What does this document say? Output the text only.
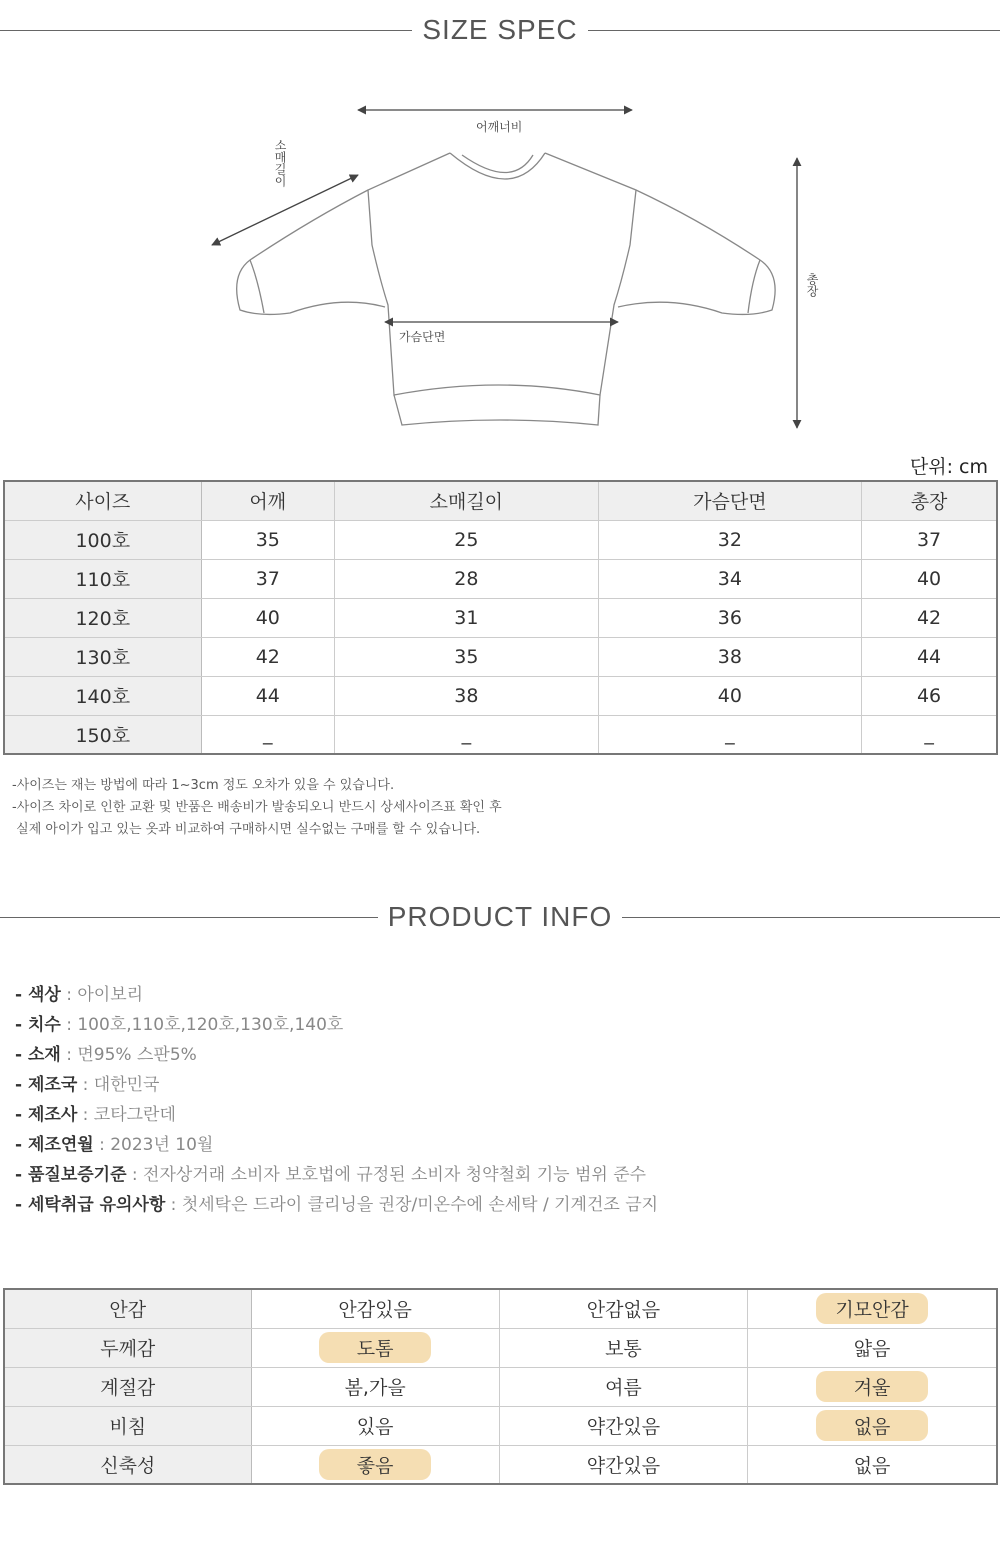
SIZE SPEC
어깨너비
소매길이
가슴단면
총장
단위: cm
사이즈	어깨	소매길이	가슴단면	총장
100호	35	25	32	37
110호	37	28	34	40
120호	40	31	36	42
130호	42	35	38	44
140호	44	38	40	46
150호	_	_	_	_
-사이즈는 재는 방법에 따라 1~3cm 정도 오차가 있을 수 있습니다.
-사이즈 차이로 인한 교환 및 반품은 배송비가 발송되오니 반드시 상세사이즈표 확인 후
실제 아이가 입고 있는 옷과 비교하여 구매하시면 실수없는 구매를 할 수 있습니다.
PRODUCT INFO
- 색상 : 아이보리
- 치수 : 100호,110호,120호,130호,140호
- 소재 : 면95% 스판5%
- 제조국 : 대한민국
- 제조사 : 코타그란데
- 제조연월 : 2023년 10월
- 품질보증기준 : 전자상거래 소비자 보호법에 규정된 소비자 청약철회 기능 범위 준수
- 세탁취급 유의사항 : 첫세탁은 드라이 클리닝을 권장/미온수에 손세탁 / 기계건조 금지
안감	안감있음	안감없음	기모안감
두께감	도톰	보통	얇음
계절감	봄,가을	여름	겨울
비침	있음	약간있음	없음
신축성	좋음	약간있음	없음
